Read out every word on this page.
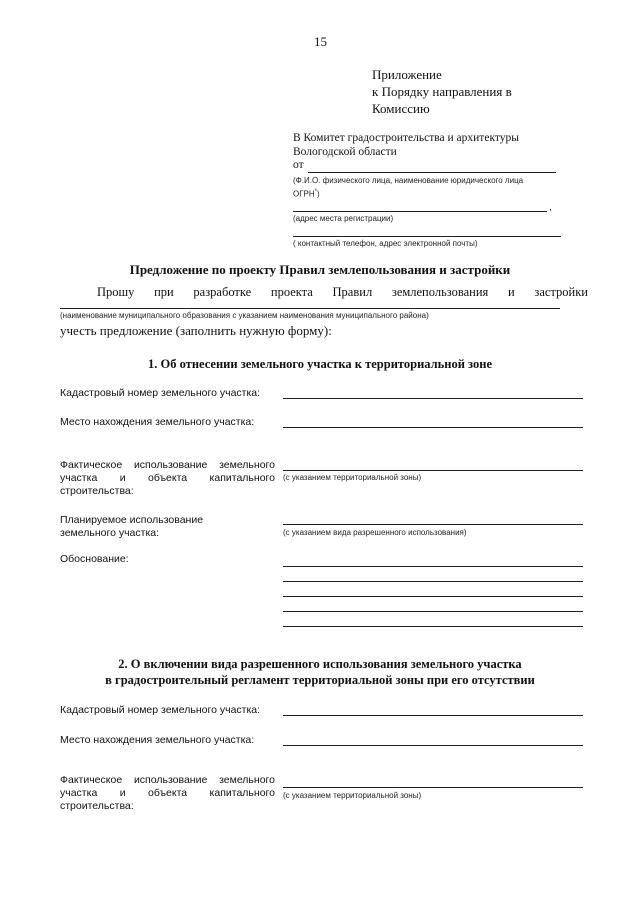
15
Приложение
к Порядку направления в
Комиссию
В Комитет градостроительства и архитектуры
Вологодской области
от
(Ф.И.О. физического лица, наименование юридического лица
ОГРН*)
,
(адрес места регистрации)
( контактный телефон, адрес электронной почты)
Предложение по проекту Правил землепользования и застройки
Прошу при разработке проекта Правил землепользования и застройки
(наименование муниципального образования с указанием наименования муниципального района)
учесть предложение (заполнить нужную форму):
1. Об отнесении земельного участка к территориальной зоне
Кадастровый номер земельного участка:
Место нахождения земельного участка:
Фактическое использование земельного
участка и объекта капитального
строительства:
(с указанием территориальной зоны)
Планируемое использование
земельного участка:	(с указанием вида разрешенного использования)
Обоснование:
2. О включении вида разрешенного использования земельного участка
в градостроительный регламент территориальной зоны при его отсутствии
Кадастровый номер земельного участка:
Место нахождения земельного участка:
Фактическое использование земельного
участка и объекта капитального
строительства:
(с указанием территориальной зоны)
